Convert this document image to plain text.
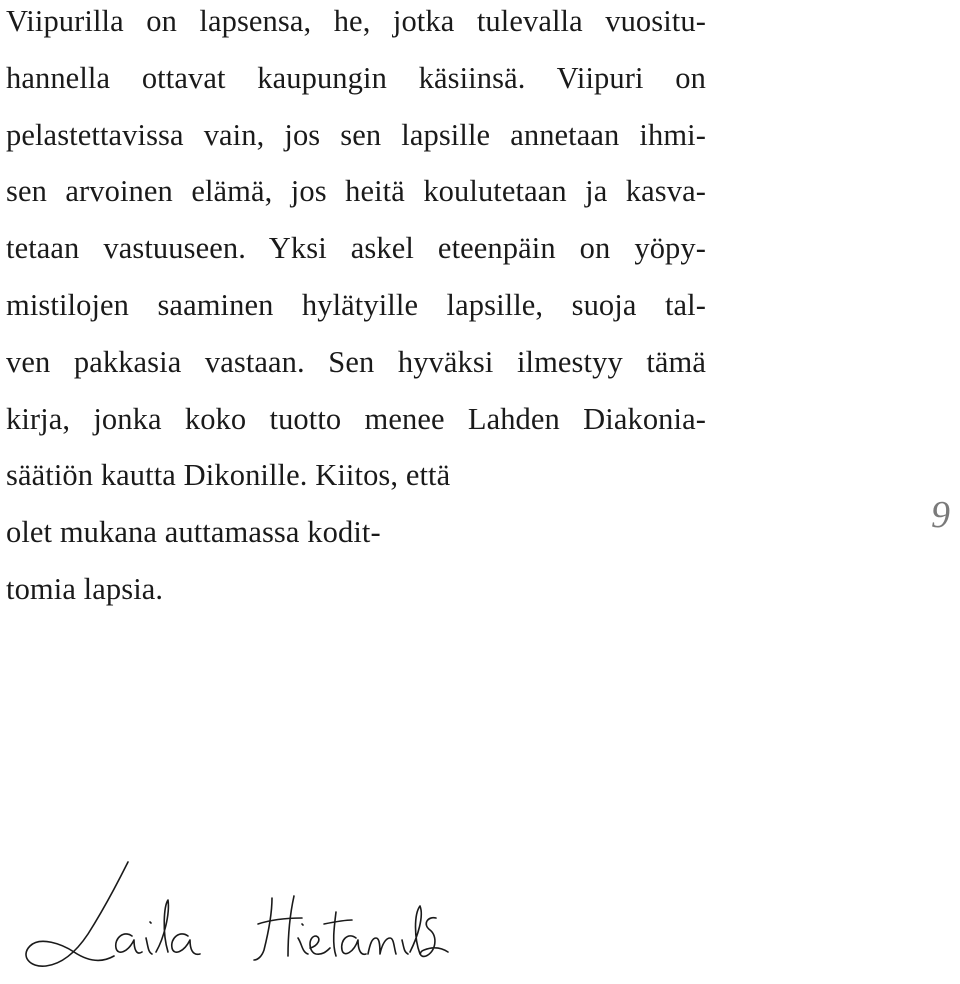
Viipurilla on lapsensa, he, jotka tulevalla vuositu-
hannella ottavat kaupungin käsiinsä. Viipuri on
pelastettavissa vain, jos sen lapsille annetaan ihmi-
sen arvoinen elämä, jos heitä koulutetaan ja kasva-
tetaan vastuuseen. Yksi askel eteenpäin on yöpy-
mistilojen saaminen hylätyille lapsille, suoja tal-
ven pakkasia vastaan. Sen hyväksi ilmestyy tämä
kirja, jonka koko tuotto menee Lahden Diakonia-
säätiön kautta Dikonille. Kiitos, että
olet mukana auttamassa kodit-
tomia lapsia.
9
